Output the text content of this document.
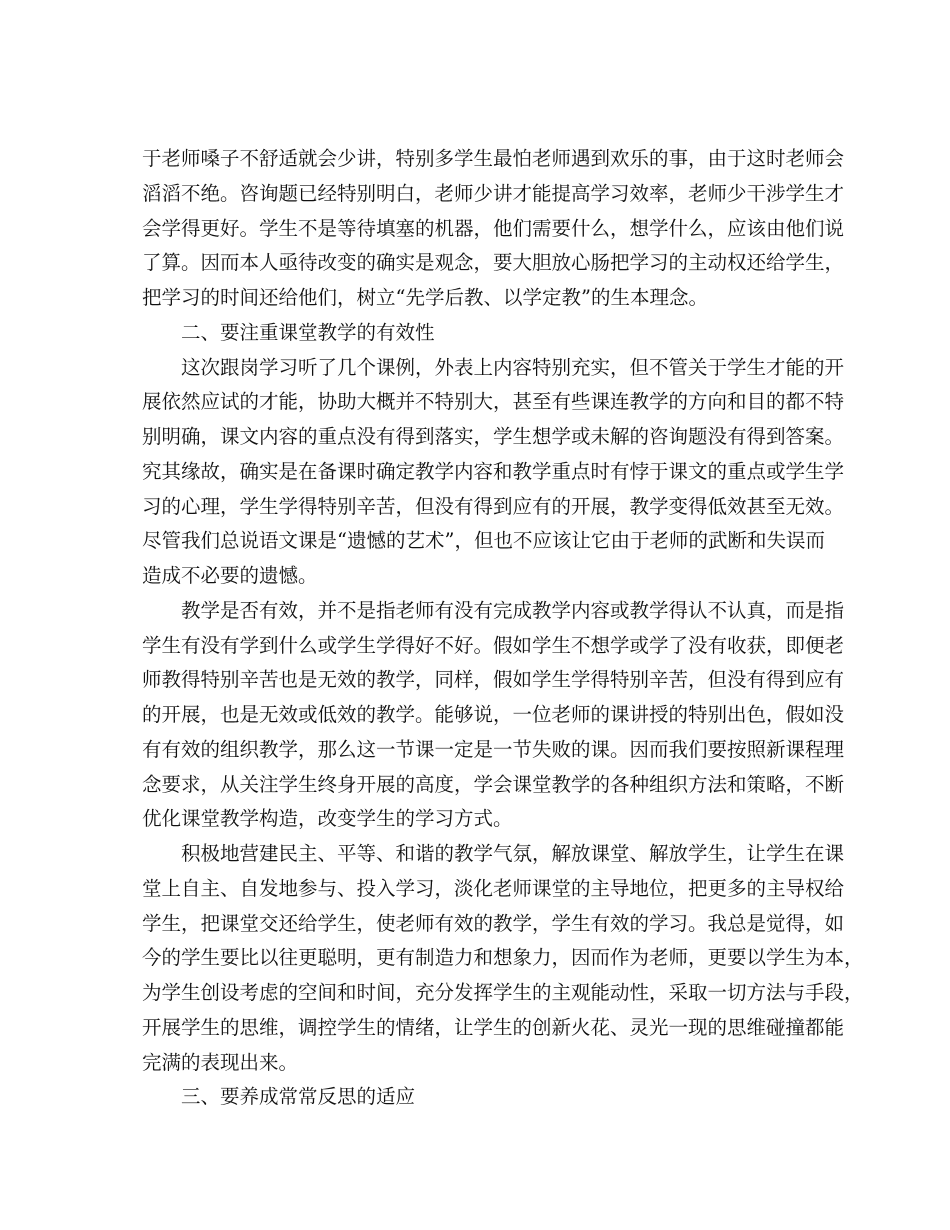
于老师嗓子不舒适就会少讲，特别多学生最怕老师遇到欢乐的事，由于这时老师会
滔滔不绝。咨询题已经特别明白，老师少讲才能提高学习效率，老师少干涉学生才
会学得更好。学生不是等待填塞的机器，他们需要什么，想学什么，应该由他们说
了算。因而本人亟待改变的确实是观念，要大胆放心肠把学习的主动权还给学生，
把学习的时间还给他们，树立“先学后教、以学定教”的生本理念。
二、要注重课堂教学的有效性
这次跟岗学习听了几个课例，外表上内容特别充实，但不管关于学生才能的开
展依然应试的才能，协助大概并不特别大，甚至有些课连教学的方向和目的都不特
别明确，课文内容的重点没有得到落实，学生想学或未解的咨询题没有得到答案。
究其缘故，确实是在备课时确定教学内容和教学重点时有悖于课文的重点或学生学
习的心理，学生学得特别辛苦，但没有得到应有的开展，教学变得低效甚至无效。
尽管我们总说语文课是“遗憾的艺术”，但也不应该让它由于老师的武断和失误而
造成不必要的遗憾。
教学是否有效，并不是指老师有没有完成教学内容或教学得认不认真，而是指
学生有没有学到什么或学生学得好不好。假如学生不想学或学了没有收获，即便老
师教得特别辛苦也是无效的教学，同样，假如学生学得特别辛苦，但没有得到应有
的开展，也是无效或低效的教学。能够说，一位老师的课讲授的特别出色，假如没
有有效的组织教学，那么这一节课一定是一节失败的课。因而我们要按照新课程理
念要求，从关注学生终身开展的高度，学会课堂教学的各种组织方法和策略，不断
优化课堂教学构造，改变学生的学习方式。
积极地营建民主、平等、和谐的教学气氛，解放课堂、解放学生，让学生在课
堂上自主、自发地参与、投入学习，淡化老师课堂的主导地位，把更多的主导权给
学生，把课堂交还给学生，使老师有效的教学，学生有效的学习。我总是觉得，如
今的学生要比以往更聪明，更有制造力和想象力，因而作为老师，更要以学生为本，
为学生创设考虑的空间和时间，充分发挥学生的主观能动性，采取一切方法与手段，
开展学生的思维，调控学生的情绪，让学生的创新火花、灵光一现的思维碰撞都能
完满的表现出来。
三、要养成常常反思的适应
